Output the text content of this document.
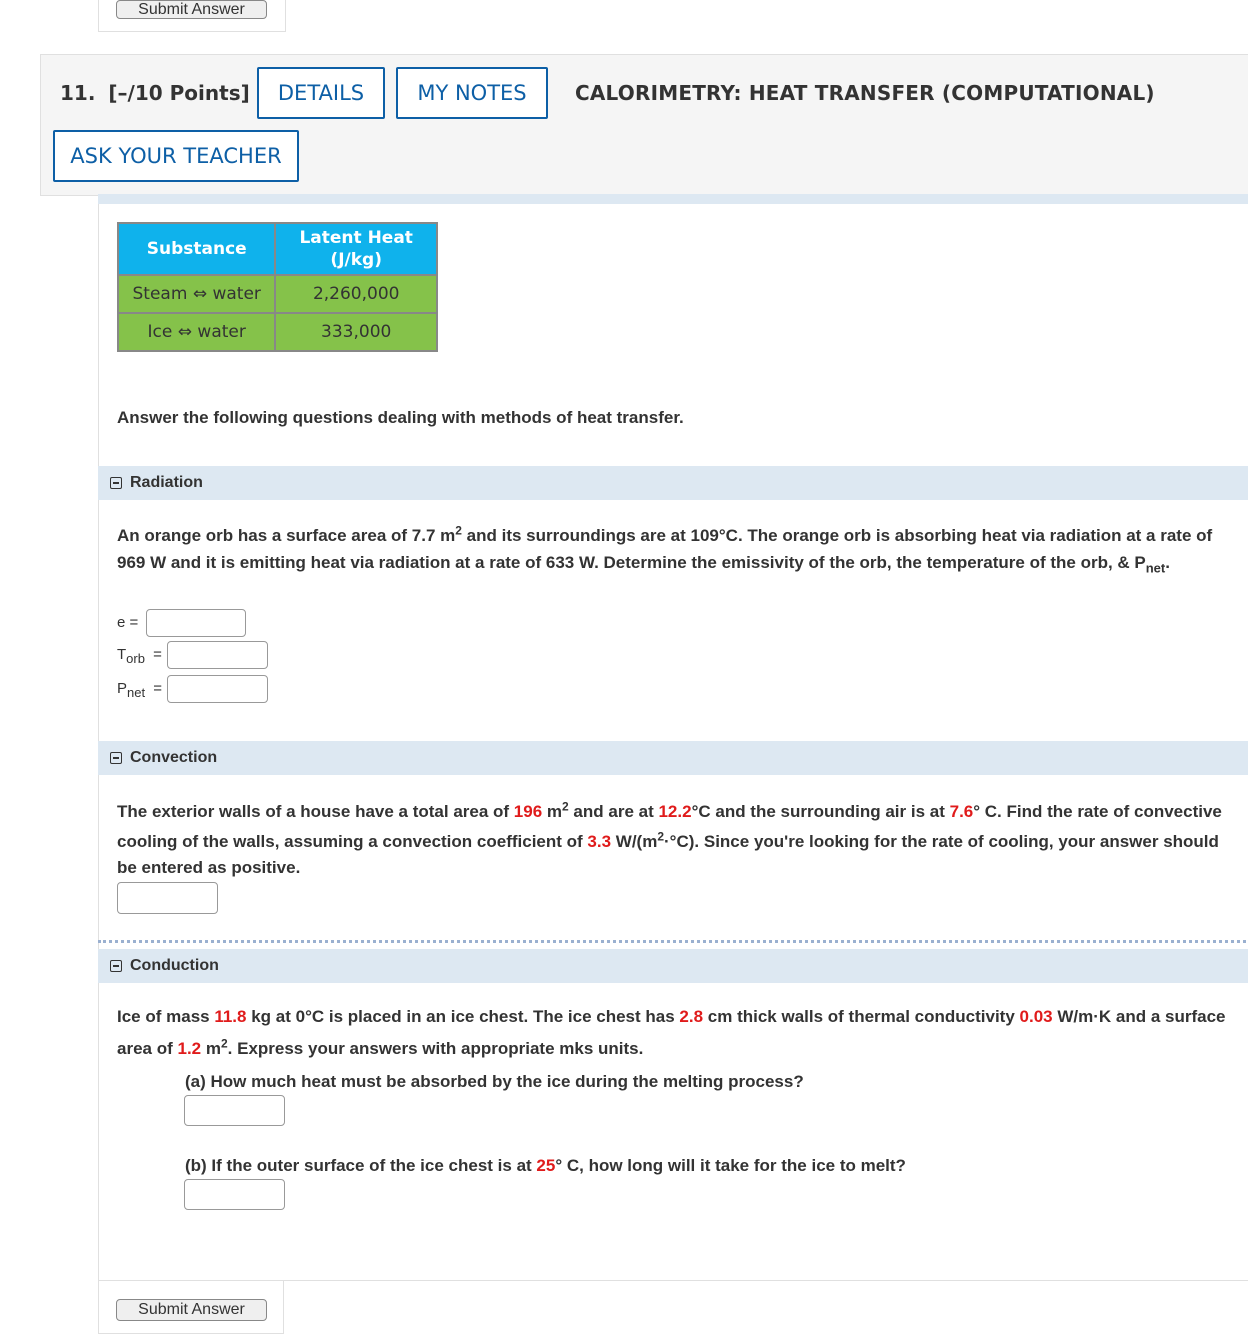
Submit Answer
11. [–/10 Points]	DETAILS	MY NOTES	CALORIMETRY: HEAT TRANSFER (COMPUTATIONAL)
ASK YOUR TEACHER
Substance	Latent Heat
(J/kg)
Steam ⇔ water	2,260,000
Ice ⇔ water	333,000
Answer the following questions dealing with methods of heat transfer.
Radiation
An orange orb has a surface area of 7.7 $m^2$ and its surroundings are at 109°C. The orange orb is absorbing heat via radiation at a rate of
969 W and it is emitting heat via radiation at a rate of 633 W. Determine the emissivity of the orb, the temperature of the orb, & $P_{net}$.
e =
$T_{orb}$ =
$P_{net}$ =
Convection
The exterior walls of a house have a total area of 196 $m^2$ and are at 12.2°C and the surrounding air is at 7.6° C. Find the rate of convective
cooling of the walls, assuming a convection coefficient of 3.3 $W/(m^2\cdot^\circ C)$. Since you're looking for the rate of cooling, your answer should
be entered as positive.
Conduction
Ice of mass 11.8 kg at 0°C is placed in an ice chest. The ice chest has 2.8 cm thick walls of thermal conductivity 0.03 W/m·K and a surface
area of 1.2 $m^2$. Express your answers with appropriate mks units.
(a) How much heat must be absorbed by the ice during the melting process?
(b) If the outer surface of the ice chest is at 25° C, how long will it take for the ice to melt?
Submit Answer
